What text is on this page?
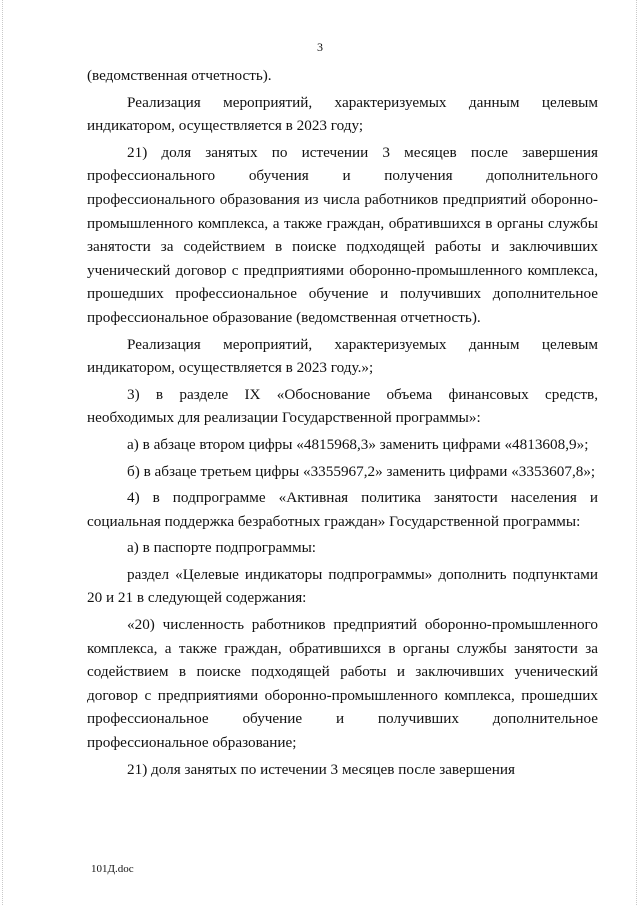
3

(ведомственная отчетность).

Реализация мероприятий, характеризуемых данным целевым индикатором, осуществляется в 2023 году;

21) доля занятых по истечении 3 месяцев после завершения профессионального обучения и получения дополнительного профессионального образования из числа работников предприятий оборонно-промышленного комплекса, а также граждан, обратившихся в органы службы занятости за содействием в поиске подходящей работы и заключивших ученический договор с предприятиями оборонно-промышленного комплекса, прошедших профессиональное обучение и получивших дополнительное профессиональное образование (ведомственная отчетность).

Реализация мероприятий, характеризуемых данным целевым индикатором, осуществляется в 2023 году.»;

3) в разделе IX «Обоснование объема финансовых средств, необходимых для реализации Государственной программы»:

а) в абзаце втором цифры «4815968,3» заменить цифрами «4813608,9»;

б) в абзаце третьем цифры «3355967,2» заменить цифрами «3353607,8»;

4) в подпрограмме «Активная политика занятости населения и социальная поддержка безработных граждан» Государственной программы:

а) в паспорте подпрограммы:

раздел «Целевые индикаторы подпрограммы» дополнить подпунктами 20 и 21 в следующей содержания:

«20) численность работников предприятий оборонно-промышленного комплекса, а также граждан, обратившихся в органы службы занятости за содействием в поиске подходящей работы и заключивших ученический договор с предприятиями оборонно-промышленного комплекса, прошедших профессиональное обучение и получивших дополнительное профессиональное образование;

21) доля занятых по истечении 3 месяцев после завершения

101Д.doc
